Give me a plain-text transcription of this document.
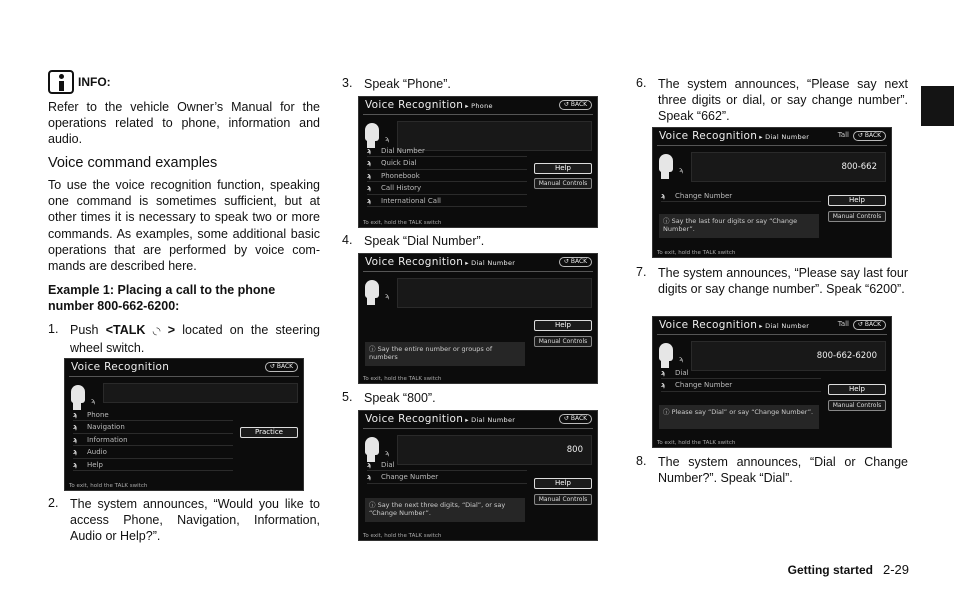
INFO:
Refer to the vehicle Owner’s Manual for the operations related to phone, information and audio.
Voice command examples
To use the voice recognition function, speaking one command is sometimes sufficient, but at other times it is necessary to speak two or more commands. As examples, some additional basic operations that are performed by voice com- mands are described here.
Example 1: Placing a call to the phone number 800-662-6200:
1. Push <TALK ◟◝ > located on the steering wheel switch.
Voice Recognition	↺ BACK
ϡ
ϡ Phone
ϡ Navigation
ϡ Information
ϡ Audio
ϡ Help
Practice
To exit, hold the TALK switch
2. The system announces, “Would you like to access Phone, Navigation, Information, Audio or Help?”.
3. Speak “Phone”.
Voice Recognition ▸ Phone	↺ BACK
ϡ
ϡ Dial Number
ϡ Quick Dial
ϡ Phonebook
ϡ Call History
ϡ International Call
Help
Manual Controls
To exit, hold the TALK switch
4. Speak “Dial Number”.
Voice Recognition ▸ Dial Number	↺ BACK
ϡ
Help
Manual Controls
ⓘ Say the entire number or groups of numbers
To exit, hold the TALK switch
5. Speak “800”.
Voice Recognition ▸ Dial Number	↺ BACK
ϡ	800
ϡ Dial
ϡ Change Number
Help
Manual Controls
ⓘ Say the next three digits, “Dial”, or say “Change Number”.
To exit, hold the TALK switch
6. The system announces, “Please say next three digits or dial, or say change number”. Speak “662”.
Voice Recognition ▸ Dial Number	Tall	↺ BACK
ϡ	800-662
ϡ Change Number	Help
Manual Controls
ⓘ Say the last four digits or say “Change Number”.
To exit, hold the TALK switch
7. The system announces, “Please say last four digits or say change number”. Speak “6200”.
Voice Recognition ▸ Dial Number	Tall	↺ BACK
ϡ	800-662-6200
ϡ Dial
ϡ Change Number	Help
Manual Controls
ⓘ Please say “Dial” or say “Change Number”.
To exit, hold the TALK switch
8. The system announces, “Dial or Change Number?”. Speak “Dial”.
Getting started 2-29
